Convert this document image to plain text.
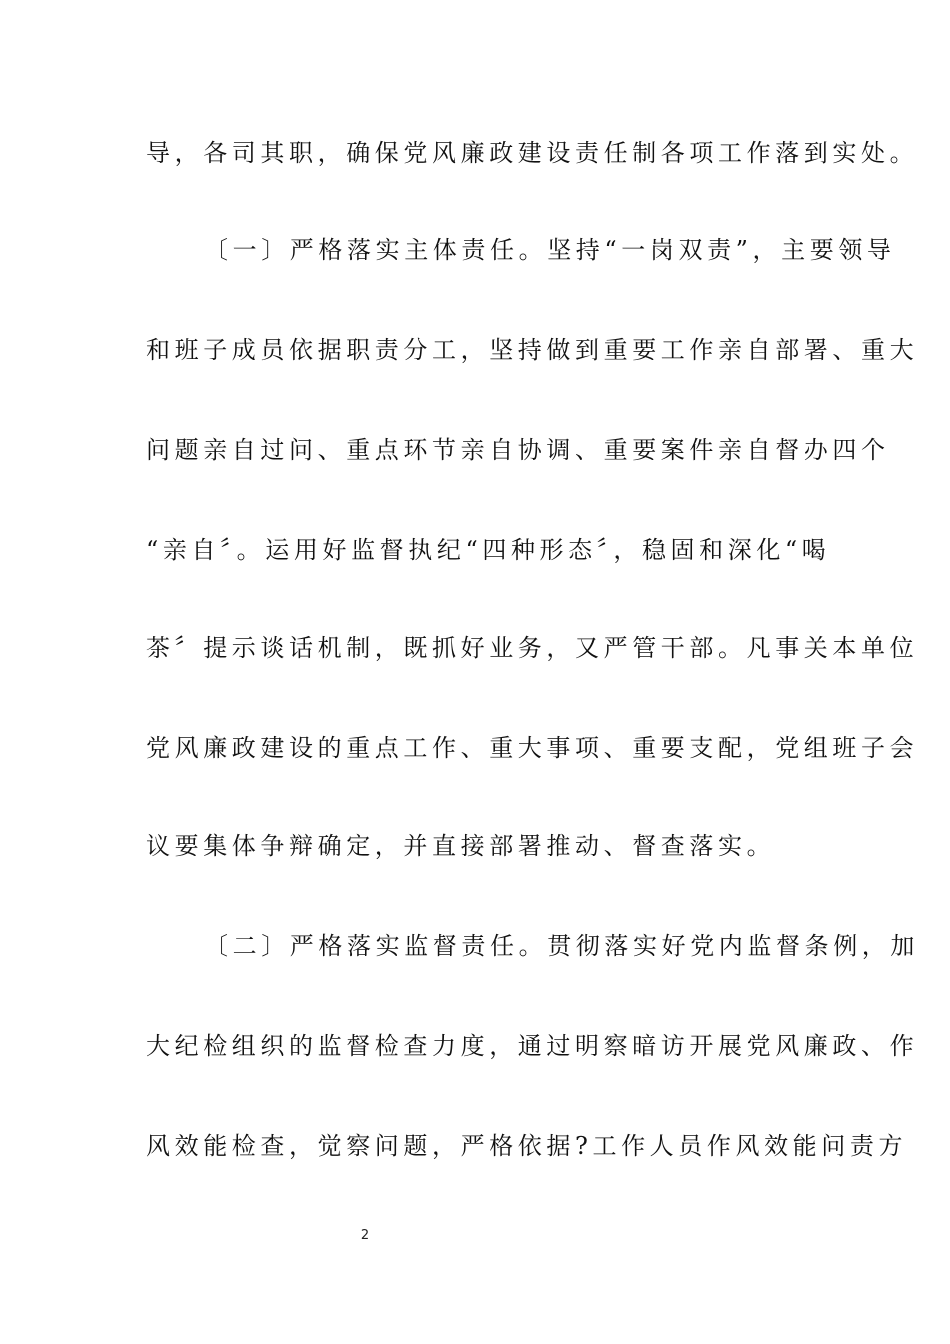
导，各司其职，确保党风廉政建设责任制各项工作落到实处。
〔一〕严格落实主体责任。坚持“一岗双责”，主要领导
和班子成员依据职责分工，坚持做到重要工作亲自部署、重大
问题亲自过问、重点环节亲自协调、重要案件亲自督办四个
“亲自〞。运用好监督执纪“四种形态〞，稳固和深化“喝
茶〞提示谈话机制，既抓好业务，又严管干部。凡事关本单位
党风廉政建设的重点工作、重大事项、重要支配，党组班子会
议要集体争辩确定，并直接部署推动、督查落实。
〔二〕严格落实监督责任。贯彻落实好党内监督条例，加
大纪检组织的监督检查力度，通过明察暗访开展党风廉政、作
风效能检查，觉察问题，严格依据?工作人员作风效能问责方
2
